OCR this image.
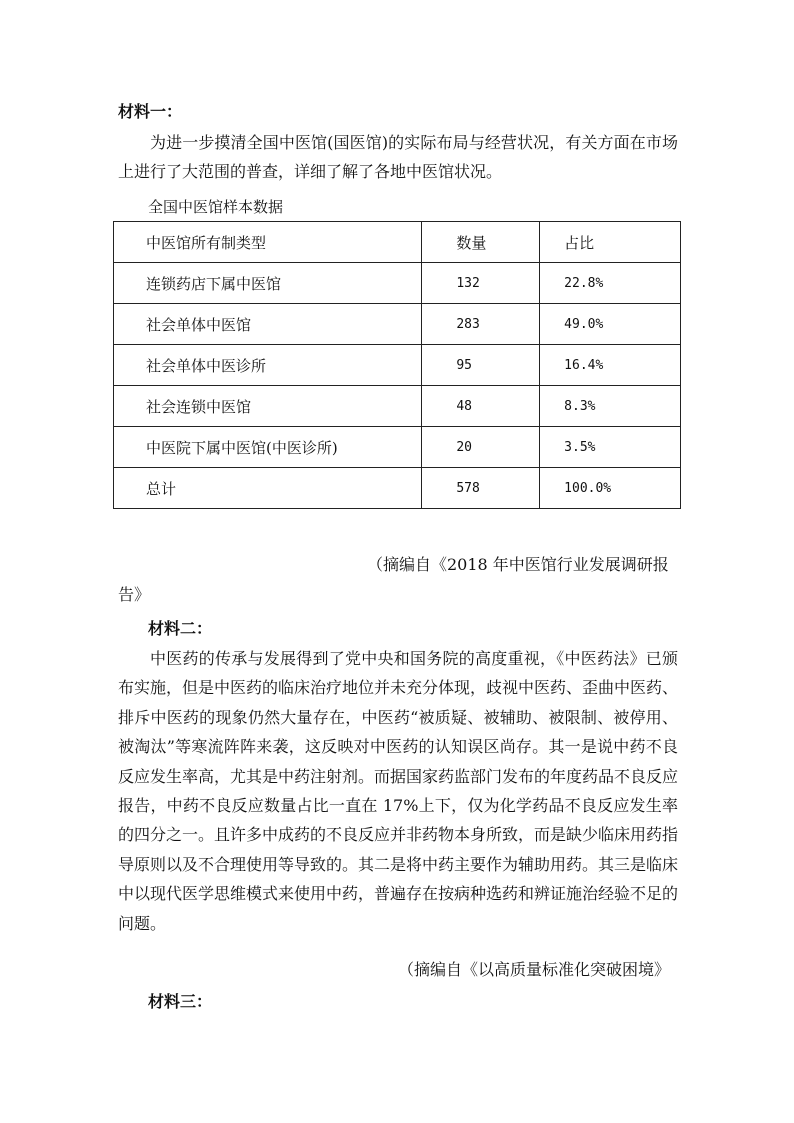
材料一：

为进一步摸清全国中医馆(国医馆)的实际布局与经营状况，有关方面在市场上进行了大范围的普查，详细了解了各地中医馆状况。

全国中医馆样本数据
中医馆所有制类型	数量	占比
连锁药店下属中医馆	132	22.8%
社会单体中医馆	283	49.0%
社会单体中医诊所	95	16.4%
社会连锁中医馆	48	8.3%
中医院下属中医馆(中医诊所)	20	3.5%
总计	578	100.0%
（摘编自《2018 年中医馆行业发展调研报
告》
材料二：

中医药的传承与发展得到了党中央和国务院的高度重视，《中医药法》已颁布实施，但是中医药的临床治疗地位并未充分体现，歧视中医药、歪曲中医药、排斥中医药的现象仍然大量存在，中医药“被质疑、被辅助、被限制、被停用、被淘汰”等寒流阵阵来袭，这反映对中医药的认知误区尚存。其一是说中药不良反应发生率高，尤其是中药注射剂。而据国家药监部门发布的年度药品不良反应报告，中药不良反应数量占比一直在 17%上下，仅为化学药品不良反应发生率的四分之一。且许多中成药的不良反应并非药物本身所致，而是缺少临床用药指导原则以及不合理使用等导致的。其二是将中药主要作为辅助用药。其三是临床中以现代医学思维模式来使用中药，普遍存在按病种选药和辨证施治经验不足的问题。

（摘编自《以高质量标准化突破困境》
材料三：
